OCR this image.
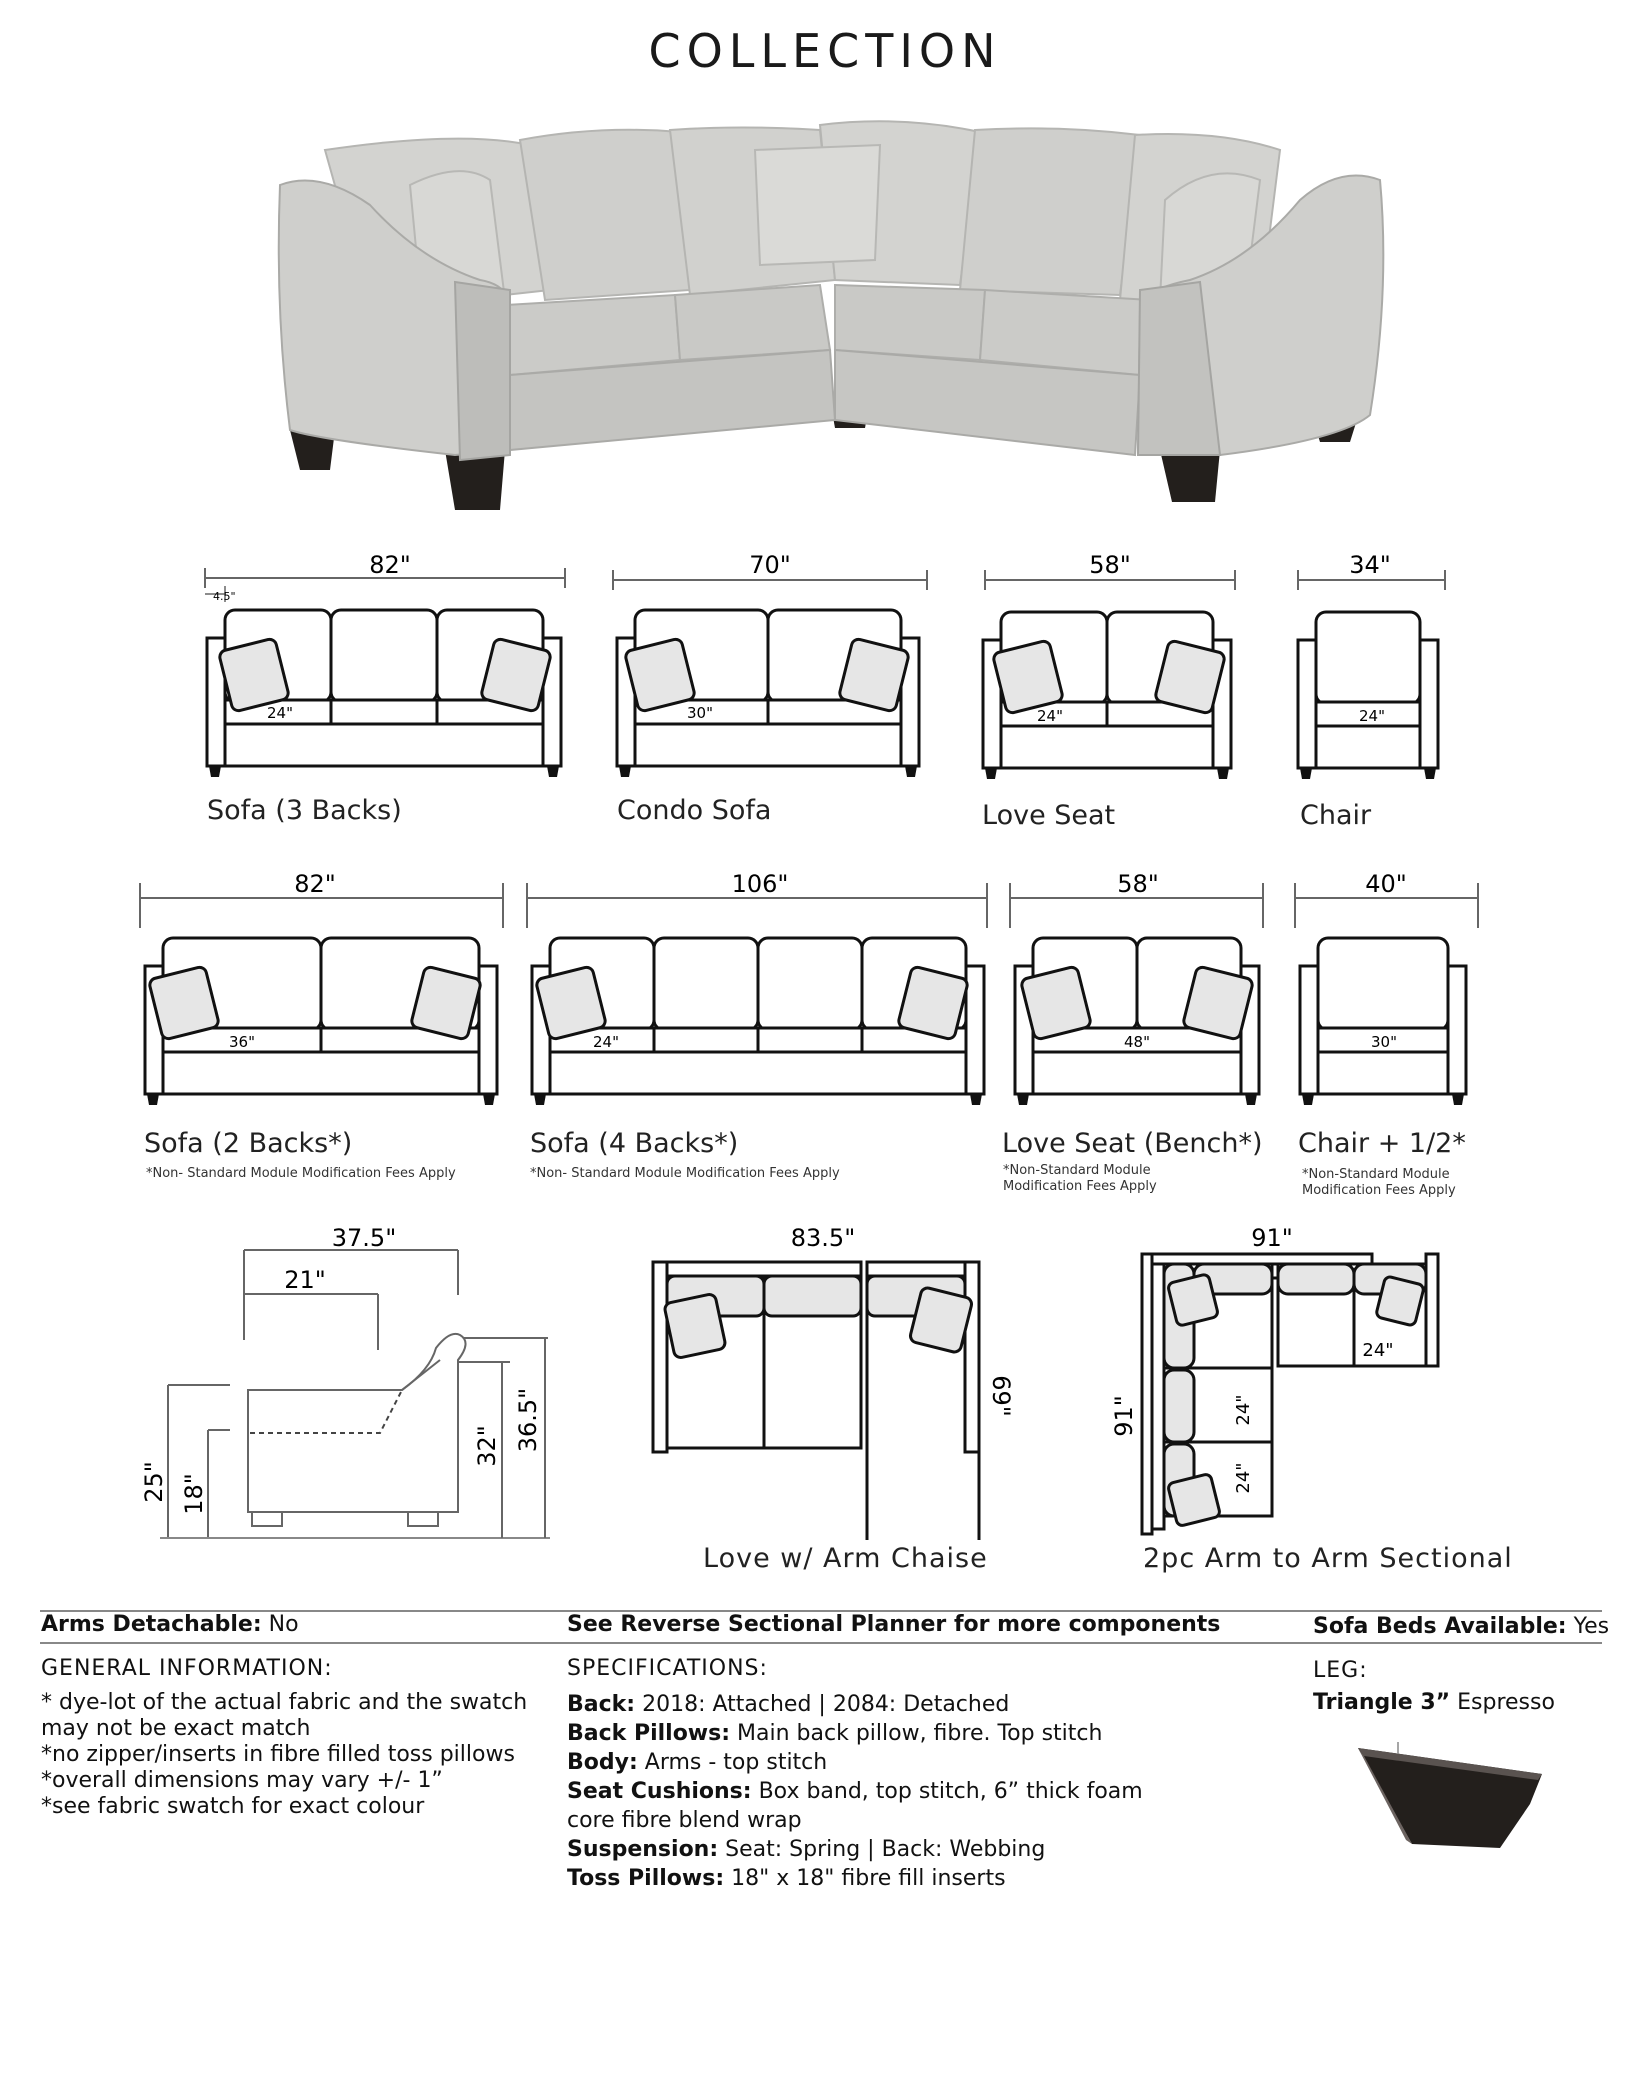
COLLECTION
82"
4.5"
24"
Sofa (3 Backs)
70"
30"
Condo Sofa
58"
24"
Love Seat
34"
24"
Chair
82"
36"
Sofa (2 Backs*)
*Non- Standard Module Modification Fees Apply
106"
24"
Sofa (4 Backs*)
*Non- Standard Module Modification Fees Apply
58"
48"
Love Seat (Bench*)
*Non-Standard Module
Modification Fees Apply
40"
30"
Chair + 1/2*
*Non-Standard Module
Modification Fees Apply
37.5"
21"
25" 18"
32" 36.5"
83.5"
69"
Love w/ Arm Chaise
91"
91"
24"
24"
24"
2pc Arm to Arm Sectional
Arms Detachable: No	See Reverse Sectional Planner for more components	Sofa Beds Available: Yes
GENERAL INFORMATION:
* dye-lot of the actual fabric and the swatch
may not be exact match
*no zipper/inserts in fibre filled toss pillows
*overall dimensions may vary +/- 1”
*see fabric swatch for exact colour
SPECIFICATIONS:
Back: 2018: Attached | 2084: Detached
Back Pillows: Main back pillow, fibre. Top stitch
Body: Arms - top stitch
Seat Cushions: Box band, top stitch, 6” thick foam
core fibre blend wrap
Suspension: Seat: Spring | Back: Webbing
Toss Pillows: 18" x 18" fibre fill inserts
LEG:
Triangle 3” Espresso
